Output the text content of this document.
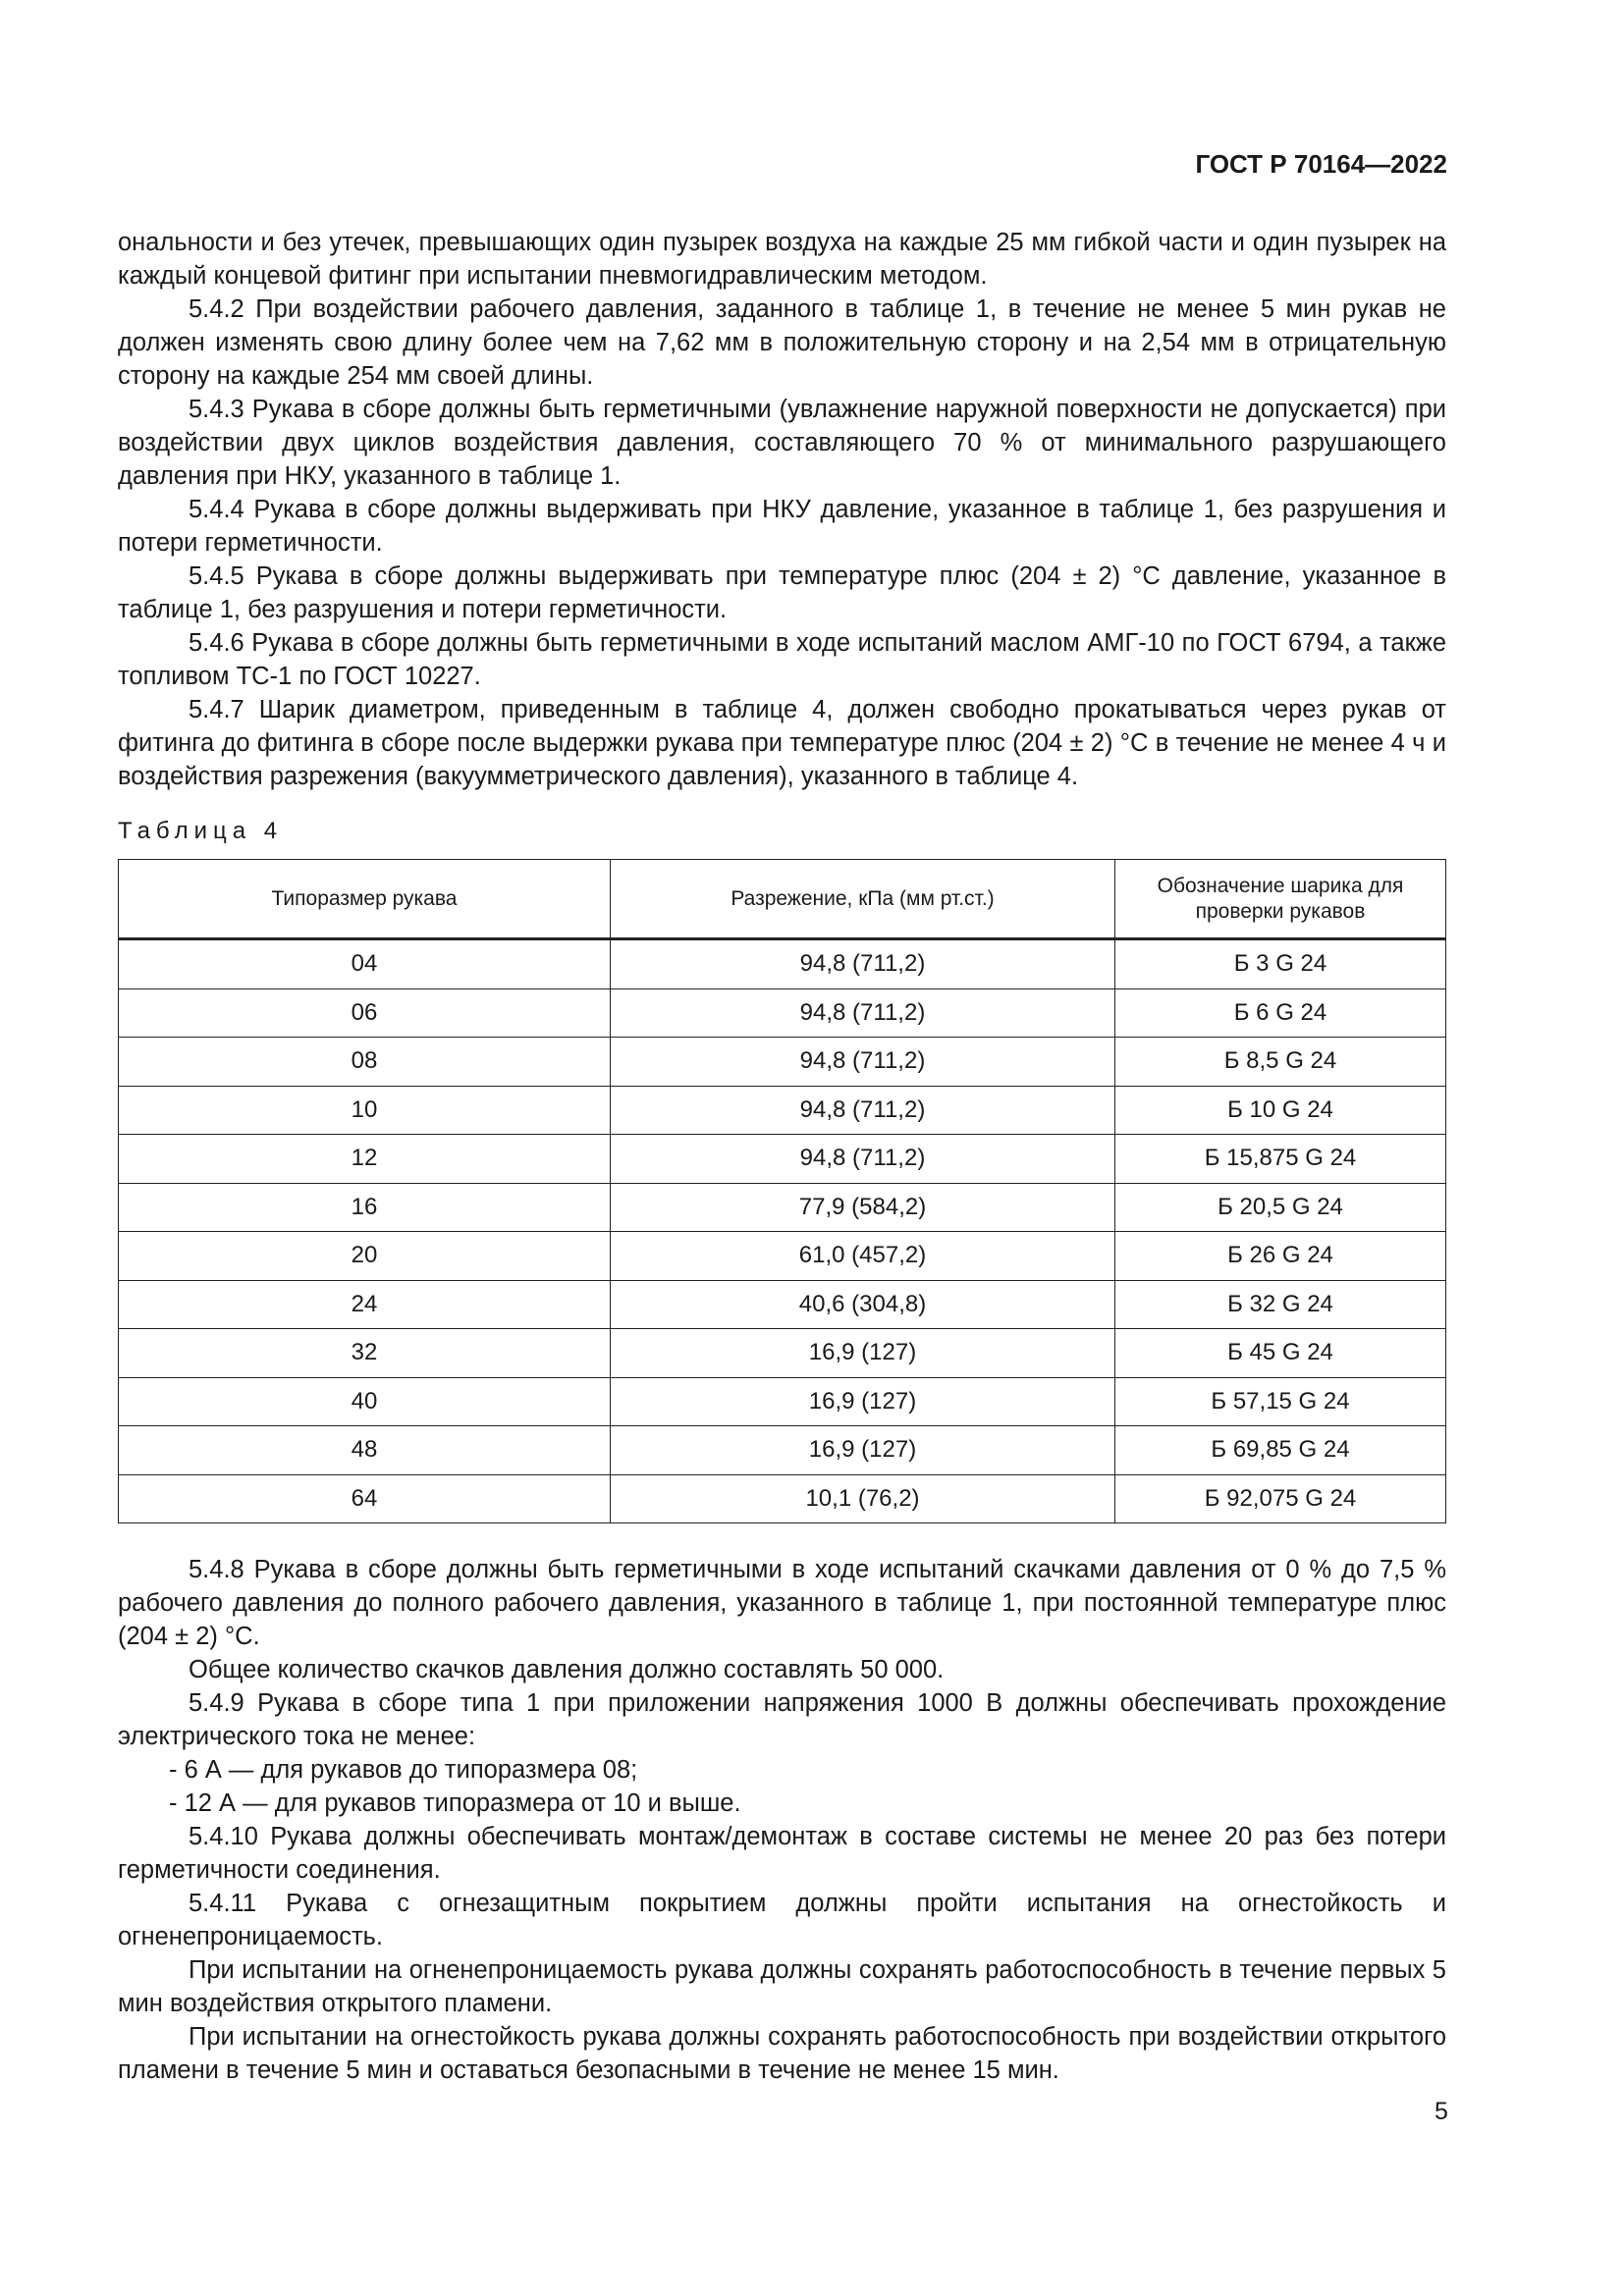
ГОСТ Р 70164—2022

ональности и без утечек, превышающих один пузырек воздуха на каждые 25 мм гибкой части и один пузырек на каждый концевой фитинг при испытании пневмогидравлическим методом.

5.4.2 При воздействии рабочего давления, заданного в таблице 1, в течение не менее 5 мин рукав не должен изменять свою длину более чем на 7,62 мм в положительную сторону и на 2,54 мм в отрицательную сторону на каждые 254 мм своей длины.

5.4.3 Рукава в сборе должны быть герметичными (увлажнение наружной поверхности не допускается) при воздействии двух циклов воздействия давления, составляющего 70 % от минимального разрушающего давления при НКУ, указанного в таблице 1.

5.4.4 Рукава в сборе должны выдерживать при НКУ давление, указанное в таблице 1, без разрушения и потери герметичности.

5.4.5 Рукава в сборе должны выдерживать при температуре плюс (204 ± 2) °С давление, указанное в таблице 1, без разрушения и потери герметичности.

5.4.6 Рукава в сборе должны быть герметичными в ходе испытаний маслом АМГ-10 по ГОСТ 6794, а также топливом ТС-1 по ГОСТ 10227.

5.4.7 Шарик диаметром, приведенным в таблице 4, должен свободно прокатываться через рукав от фитинга до фитинга в сборе после выдержки рукава при температуре плюс (204 ± 2) °С в течение не менее 4 ч и воздействия разрежения (вакуумметрического давления), указанного в таблице 4.

Таблица 4
Типоразмер рукава	Разрежение, кПа (мм рт.ст.)	Обозначение шарика для проверки рукавов
04	94,8 (711,2)	Б 3 G 24
06	94,8 (711,2)	Б 6 G 24
08	94,8 (711,2)	Б 8,5 G 24
10	94,8 (711,2)	Б 10 G 24
12	94,8 (711,2)	Б 15,875 G 24
16	77,9 (584,2)	Б 20,5 G 24
20	61,0 (457,2)	Б 26 G 24
24	40,6 (304,8)	Б 32 G 24
32	16,9 (127)	Б 45 G 24
40	16,9 (127)	Б 57,15 G 24
48	16,9 (127)	Б 69,85 G 24
64	10,1 (76,2)	Б 92,075 G 24

5.4.8 Рукава в сборе должны быть герметичными в ходе испытаний скачками давления от 0 % до 7,5 % рабочего давления до полного рабочего давления, указанного в таблице 1, при постоянной температуре плюс (204 ± 2) °С.

Общее количество скачков давления должно составлять 50 000.

5.4.9 Рукава в сборе типа 1 при приложении напряжения 1000 В должны обеспечивать прохождение электрического тока не менее:

- 6 А — для рукавов до типоразмера 08;

- 12 А — для рукавов типоразмера от 10 и выше.

5.4.10 Рукава должны обеспечивать монтаж/демонтаж в составе системы не менее 20 раз без потери герметичности соединения.

5.4.11 Рукава с огнезащитным покрытием должны пройти испытания на огнестойкость и огненепроницаемость.

При испытании на огненепроницаемость рукава должны сохранять работоспособность в течение первых 5 мин воздействия открытого пламени.

При испытании на огнестойкость рукава должны сохранять работоспособность при воздействии открытого пламени в течение 5 мин и оставаться безопасными в течение не менее 15 мин.

5
